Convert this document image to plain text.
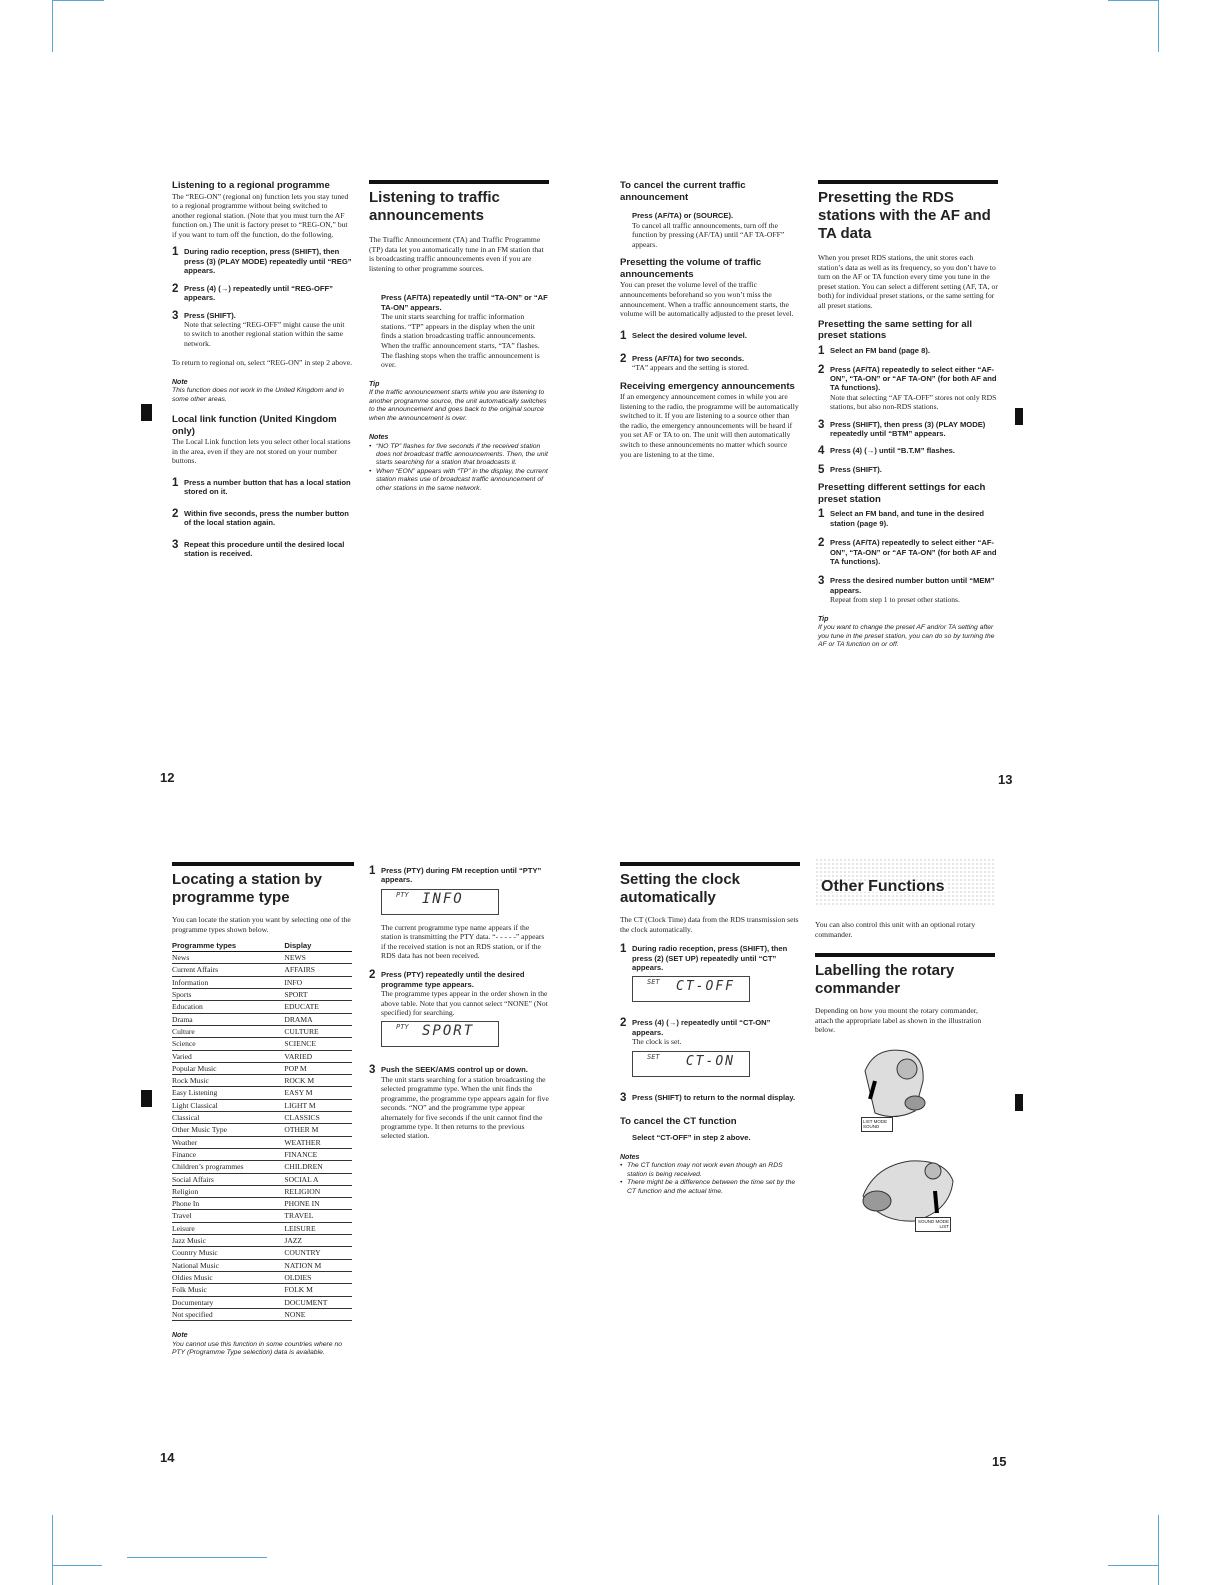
12	13
14	15
Listening to a regional programme

The “REG-ON” (regional on) function lets you stay tuned to a regional programme without being switched to another regional station. (Note that you must turn the AF function on.) The unit is factory preset to “REG-ON,” but if you want to turn off the function, do the following.

1 During radio reception, press (SHIFT), then press (3) (PLAY MODE) repeatedly until “REG” appears.
2 Press (4) (→) repeatedly until “REG-OFF” appears.
3 Press (SHIFT).
Note that selecting “REG-OFF” might cause the unit to switch to another regional station within the same network.

To return to regional on, select “REG-ON” in step 2 above.

Note
This function does not work in the United Kingdom and in some other areas.
Local link function (United Kingdom only)

The Local Link function lets you select other local stations in the area, even if they are not stored on your number buttons.

1 Press a number button that has a local station stored on it.
2 Within five seconds, press the number button of the local station again.
3 Repeat this procedure until the desired local station is received.
Listening to traffic announcements

The Traffic Announcement (TA) and Traffic Programme (TP) data let you automatically tune in an FM station that is broadcasting traffic announcements even if you are listening to other programme sources.

Press (AF/TA) repeatedly until “TA-ON” or “AF TA-ON” appears.
The unit starts searching for traffic information stations. “TP” appears in the display when the unit finds a station broadcasting traffic announcements. When the traffic announcement starts, “TA” flashes. The flashing stops when the traffic announcement is over.
Tip
If the traffic announcement starts while you are listening to another programme source, the unit automatically switches to the announcement and goes back to the original source when the announcement is over.
Notes
• “NO TP” flashes for five seconds if the received station does not broadcast traffic announcements. Then, the unit starts searching for a station that broadcasts it.
• When “EON” appears with “TP” in the display, the current station makes use of broadcast traffic announcement of other stations in the same network.
To cancel the current traffic announcement
Press (AF/TA) or (SOURCE).
To cancel all traffic announcements, turn off the function by pressing (AF/TA) until “AF TA-OFF” appears.
Presetting the volume of traffic announcements

You can preset the volume level of the traffic announcements beforehand so you won’t miss the announcement. When a traffic announcement starts, the volume will be automatically adjusted to the preset level.

1 Select the desired volume level.
2 Press (AF/TA) for two seconds.
“TA” appears and the setting is stored.
Receiving emergency announcements

If an emergency announcement comes in while you are listening to the radio, the programme will be automatically switched to it. If you are listening to a source other than the radio, the emergency announcements will be heard if you set AF or TA to on. The unit will then automatically switch to these announcements no matter which source you are listening to at the time.

Presetting the RDS stations with the AF and TA data

When you preset RDS stations, the unit stores each station’s data as well as its frequency, so you don’t have to turn on the AF or TA function every time you tune in the preset station. You can select a different setting (AF, TA, or both) for individual preset stations, or the same setting for all preset stations.

Presetting the same setting for all preset stations
1 Select an FM band (page 8).
2 Press (AF/TA) repeatedly to select either “AF-ON”, “TA-ON” or “AF TA-ON” (for both AF and TA functions).
Note that selecting “AF TA-OFF” stores not only RDS stations, but also non-RDS stations.
3 Press (SHIFT), then press (3) (PLAY MODE) repeatedly until “BTM” appears.
4 Press (4) (→) until “B.T.M” flashes.
5 Press (SHIFT).
Presetting different settings for each preset station
1 Select an FM band, and tune in the desired station (page 9).
2 Press (AF/TA) repeatedly to select either “AF-ON”, “TA-ON” or “AF TA-ON” (for both AF and TA functions).
3 Press the desired number button until “MEM” appears.
Repeat from step 1 to preset other stations.
Tip
If you want to change the preset AF and/or TA setting after you tune in the preset station, you can do so by turning the AF or TA function on or off.
Locating a station by programme type

You can locate the station you want by selecting one of the programme types shown below.

Programme types	Display
News	NEWS
Current Affairs	AFFAIRS
Information	INFO
Sports	SPORT
Education	EDUCATE
Drama	DRAMA
Culture	CULTURE
Science	SCIENCE
Varied	VARIED
Popular Music	POP M
Rock Music	ROCK M
Easy Listening	EASY M
Light Classical	LIGHT M
Classical	CLASSICS
Other Music Type	OTHER M
Weather	WEATHER
Finance	FINANCE
Children’s programmes	CHILDREN
Social Affairs	SOCIAL A
Religion	RELIGION
Phone In	PHONE IN
Travel	TRAVEL
Leisure	LEISURE
Jazz Music	JAZZ
Country Music	COUNTRY
National Music	NATION M
Oldies Music	OLDIES
Folk Music	FOLK M
Documentary	DOCUMENT
Not specified	NONE
Note
You cannot use this function in some countries where no PTY (Programme Type selection) data is available.
1 Press (PTY) during FM reception until “PTY” appears.
PTY INFO
The current programme type name appears if the station is transmitting the PTY data. “- - - - -” appears if the received station is not an RDS station, or if the RDS data has not been received.
2 Press (PTY) repeatedly until the desired programme type appears.
The programme types appear in the order shown in the above table. Note that you cannot select “NONE” (Not specified) for searching.
PTY SPORT
3 Push the SEEK/AMS control up or down.
The unit starts searching for a station broadcasting the selected programme type. When the unit finds the programme, the programme type appears again for five seconds. “NO” and the programme type appear alternately for five seconds if the unit cannot find the programme type. It then returns to the previous selected station.
Setting the clock automatically

The CT (Clock Time) data from the RDS transmission sets the clock automatically.

1 During radio reception, press (SHIFT), then press (2) (SET UP) repeatedly until “CT” appears.
SET CT-OFF
2 Press (4) (→) repeatedly until “CT-ON” appears.
The clock is set.
SET CT-ON
3 Press (SHIFT) to return to the normal display.
To cancel the CT function
Select “CT-OFF” in step 2 above.
Notes
• The CT function may not work even though an RDS station is being received.
• There might be a difference between the time set by the CT function and the actual time.
Other Functions

You can also control this unit with an optional rotary commander.

Labelling the rotary commander

Depending on how you mount the rotary commander, attach the appropriate label as shown in the illustration below.

LIST MODE SOUND
SOUND MODE LIST
